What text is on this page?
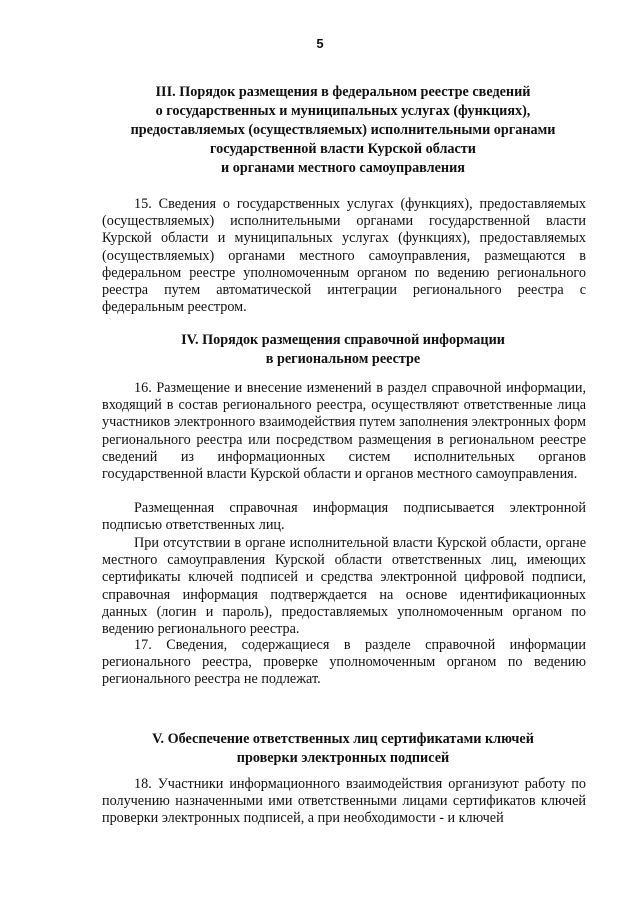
5
III. Порядок размещения в федеральном реестре сведений
о государственных и муниципальных услугах (функциях),
предоставляемых (осуществляемых) исполнительными органами
государственной власти Курской области
и органами местного самоуправления

15. Сведения о государственных услугах (функциях), предоставляемых (осуществляемых) исполнительными органами государственной власти Курской области и муниципальных услугах (функциях), предоставляемых (осуществляемых) органами местного самоуправления, размещаются в федеральном реестре уполномоченным органом по ведению регионального реестра путем автоматической интеграции регионального реестра с федеральным реестром.

IV. Порядок размещения справочной информации
в региональном реестре

16. Размещение и внесение изменений в раздел справочной информации, входящий в состав регионального реестра, осуществляют ответственные лица участников электронного взаимодействия путем заполнения электронных форм регионального реестра или посредством размещения в региональном реестре сведений из информационных систем исполнительных органов государственной власти Курской области и органов местного самоуправления.

Размещенная справочная информация подписывается электронной подписью ответственных лиц.

При отсутствии в органе исполнительной власти Курской области, органе местного самоуправления Курской области ответственных лиц, имеющих сертификаты ключей подписей и средства электронной цифровой подписи, справочная информация подтверждается на основе идентификационных данных (логин и пароль), предоставляемых уполномоченным органом по ведению регионального реестра.

17. Сведения, содержащиеся в разделе справочной информации регионального реестра, проверке уполномоченным органом по ведению регионального реестра не подлежат.

V. Обеспечение ответственных лиц сертификатами ключей
проверки электронных подписей

18. Участники информационного взаимодействия организуют работу по получению назначенными ими ответственными лицами сертификатов ключей проверки электронных подписей, а при необходимости - и ключей
